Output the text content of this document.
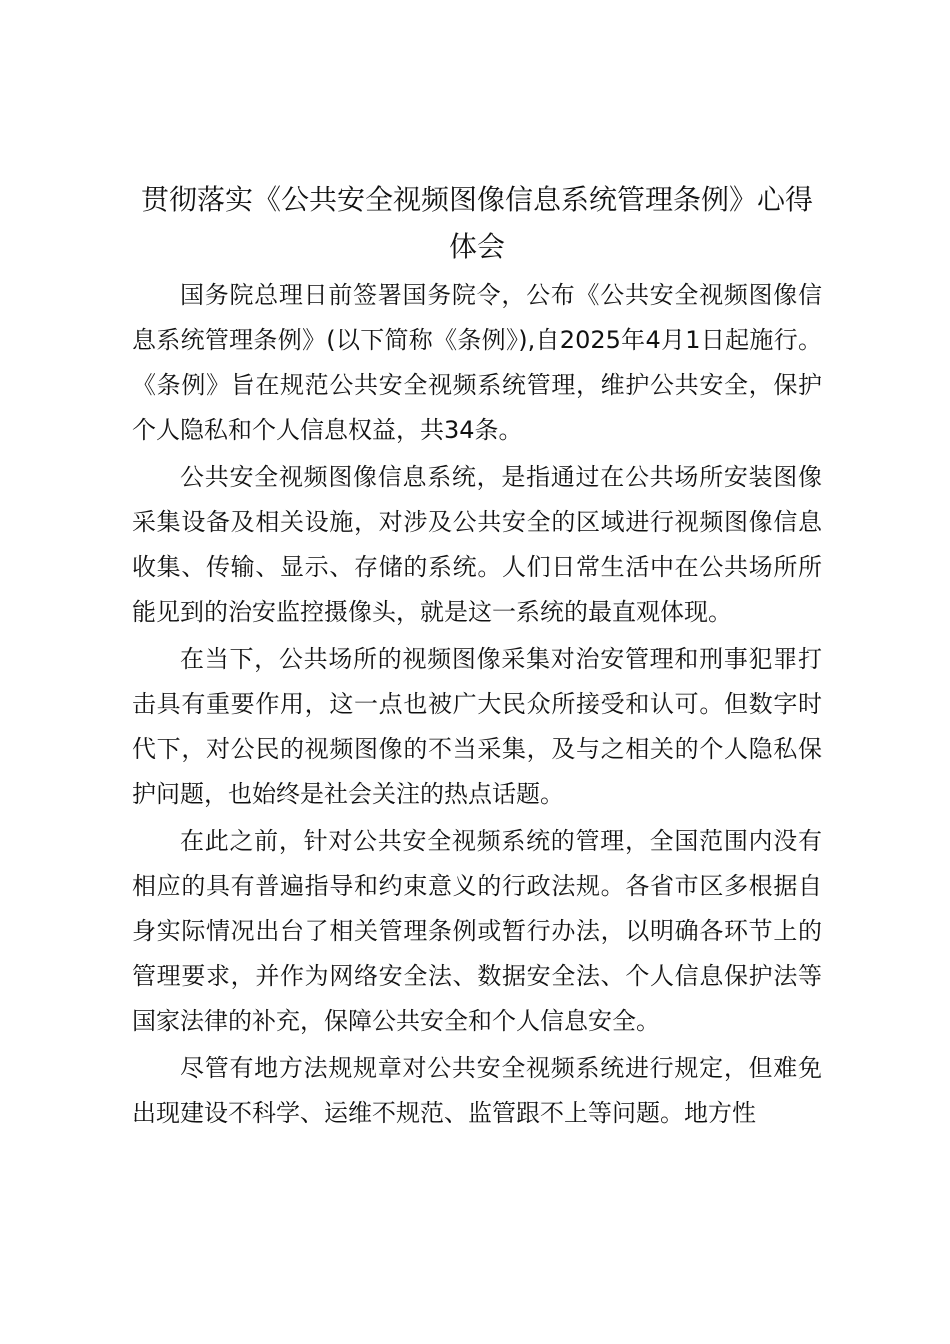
贯彻落实《公共安全视频图像信息系统管理条例》心得体会

国务院总理日前签署国务院令，公布《公共安全视频图像信息系统管理条例》(以下简称《条例》),自2025年4月1日起施行。《条例》旨在规范公共安全视频系统管理，维护公共安全，保护个人隐私和个人信息权益，共34条。

公共安全视频图像信息系统，是指通过在公共场所安装图像采集设备及相关设施，对涉及公共安全的区域进行视频图像信息收集、传输、显示、存储的系统。人们日常生活中在公共场所所能见到的治安监控摄像头，就是这一系统的最直观体现。

在当下，公共场所的视频图像采集对治安管理和刑事犯罪打击具有重要作用，这一点也被广大民众所接受和认可。但数字时代下，对公民的视频图像的不当采集，及与之相关的个人隐私保护问题，也始终是社会关注的热点话题。

在此之前，针对公共安全视频系统的管理，全国范围内没有相应的具有普遍指导和约束意义的行政法规。各省市区多根据自身实际情况出台了相关管理条例或暂行办法，以明确各环节上的管理要求，并作为网络安全法、数据安全法、个人信息保护法等国家法律的补充，保障公共安全和个人信息安全。

尽管有地方法规规章对公共安全视频系统进行规定，但难免出现建设不科学、运维不规范、监管跟不上等问题。地方性
